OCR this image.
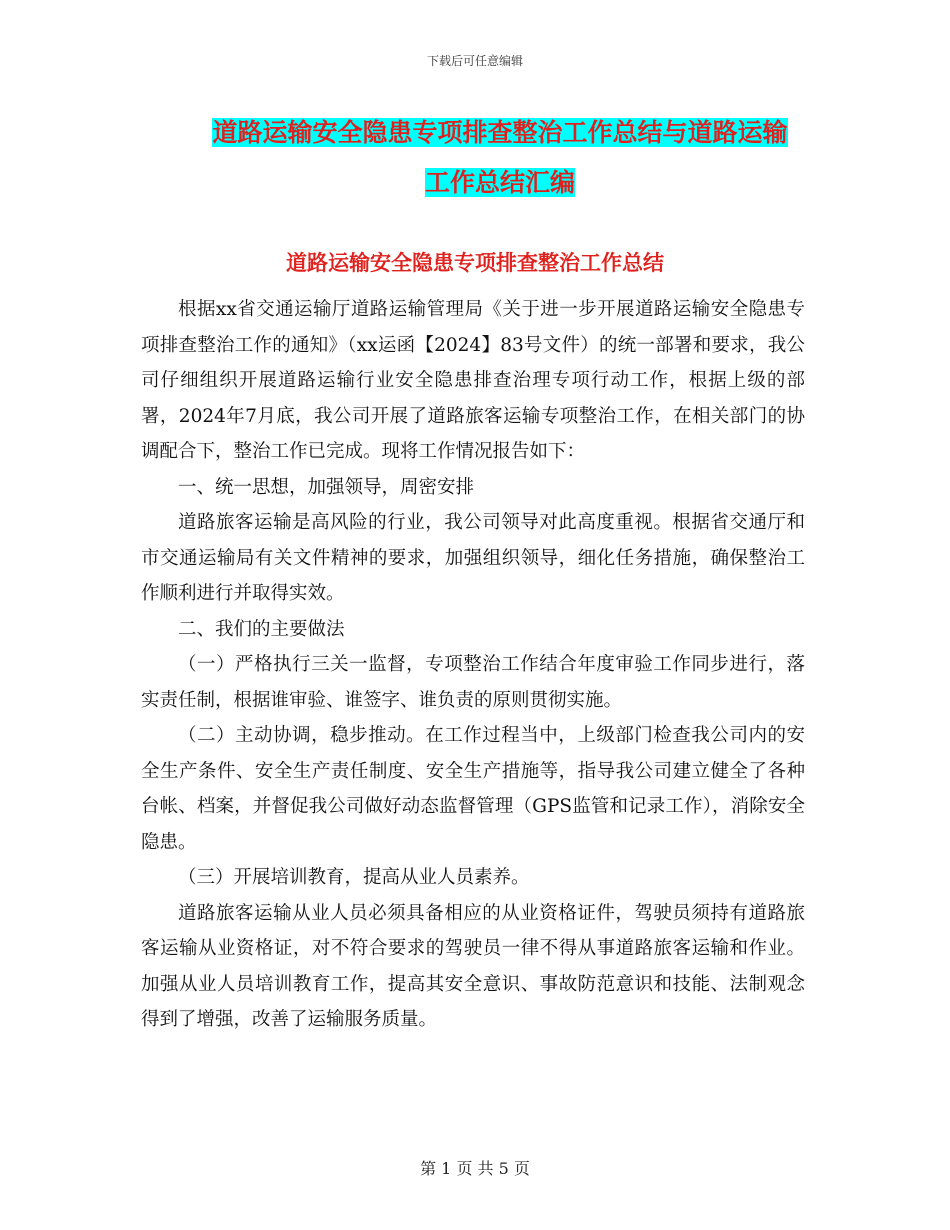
下载后可任意编辑
道路运输安全隐患专项排查整治工作总结与道路运输
工作总结汇编
道路运输安全隐患专项排查整治工作总结

根据xx省交通运输厅道路运输管理局《关于进一步开展道路运输安全隐患专项排查整治工作的通知》（xx运函【2024】83号文件）的统一部署和要求，我公司仔细组织开展道路运输行业安全隐患排查治理专项行动工作，根据上级的部署，2024年7月底，我公司开展了道路旅客运输专项整治工作，在相关部门的协调配合下，整治工作已完成。现将工作情况报告如下：

一、统一思想，加强领导，周密安排

道路旅客运输是高风险的行业，我公司领导对此高度重视。根据省交通厅和市交通运输局有关文件精神的要求，加强组织领导，细化任务措施，确保整治工作顺利进行并取得实效。

二、我们的主要做法

（一）严格执行三关一监督，专项整治工作结合年度审验工作同步进行，落实责任制，根据谁审验、谁签字、谁负责的原则贯彻实施。

（二）主动协调，稳步推动。在工作过程当中，上级部门检查我公司内的安全生产条件、安全生产责任制度、安全生产措施等，指导我公司建立健全了各种台帐、档案，并督促我公司做好动态监督管理（GPS监管和记录工作），消除安全隐患。

（三）开展培训教育，提高从业人员素养。

道路旅客运输从业人员必须具备相应的从业资格证件，驾驶员须持有道路旅客运输从业资格证，对不符合要求的驾驶员一律不得从事道路旅客运输和作业。加强从业人员培训教育工作，提高其安全意识、事故防范意识和技能、法制观念得到了增强，改善了运输服务质量。

第 1 页 共 5 页
